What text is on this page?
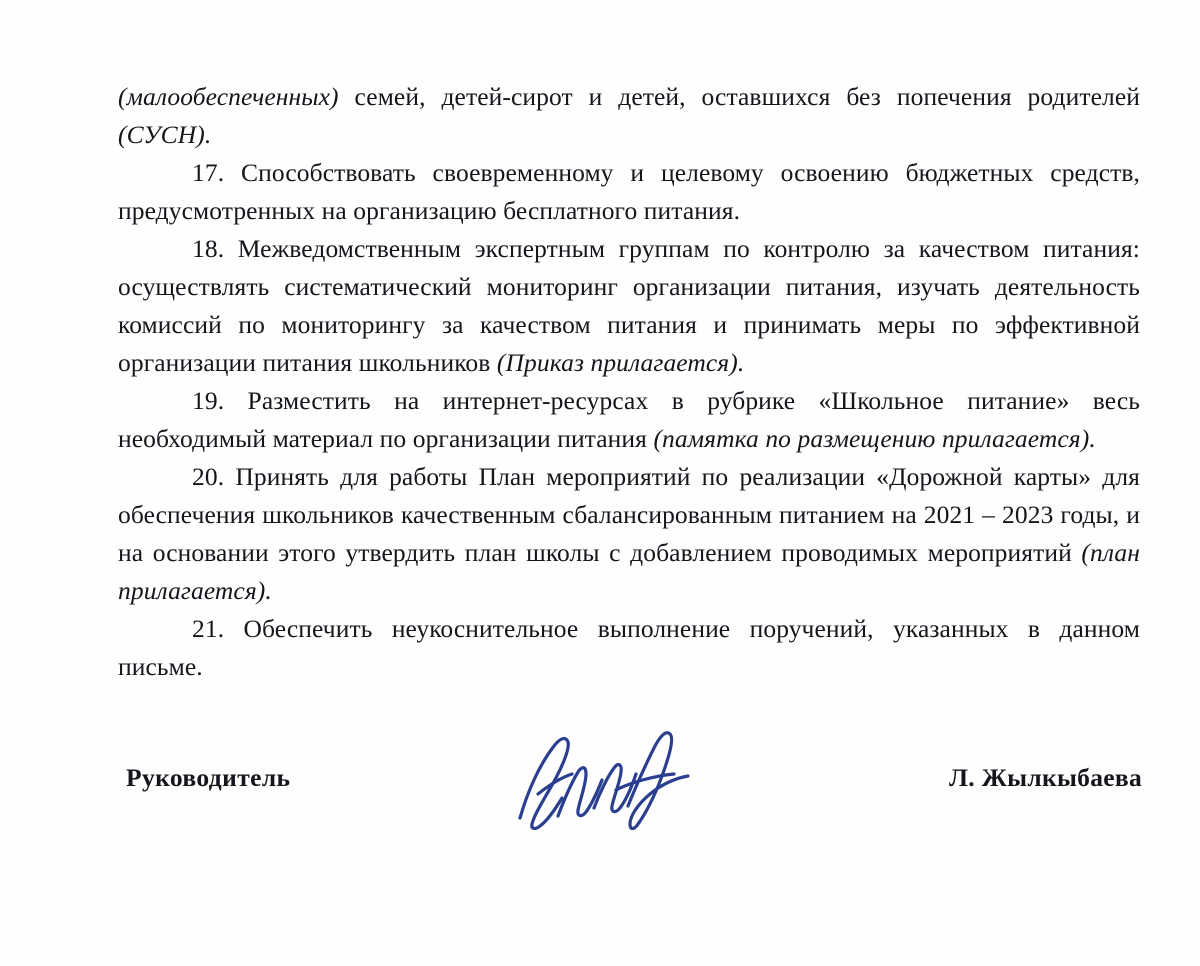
(малообеспеченных) семей, детей-сирот и детей, оставшихся без попечения родителей (СУСН).

17. Способствовать своевременному и целевому освоению бюджетных средств, предусмотренных на организацию бесплатного питания.

18. Межведомственным экспертным группам по контролю за качеством питания: осуществлять систематический мониторинг организации питания, изучать деятельность комиссий по мониторингу за качеством питания и принимать меры по эффективной организации питания школьников (Приказ прилагается).

19. Разместить на интернет-ресурсах в рубрике «Школьное питание» весь необходимый материал по организации питания (памятка по размещению прилагается).

20. Принять для работы План мероприятий по реализации «Дорожной карты» для обеспечения школьников качественным сбалансированным питанием на 2021 – 2023 годы, и на основании этого утвердить план школы с добавлением проводимых мероприятий (план прилагается).

21. Обеспечить неукоснительное выполнение поручений, указанных в данном письме.

Руководитель	Л. Жылкыбаева
